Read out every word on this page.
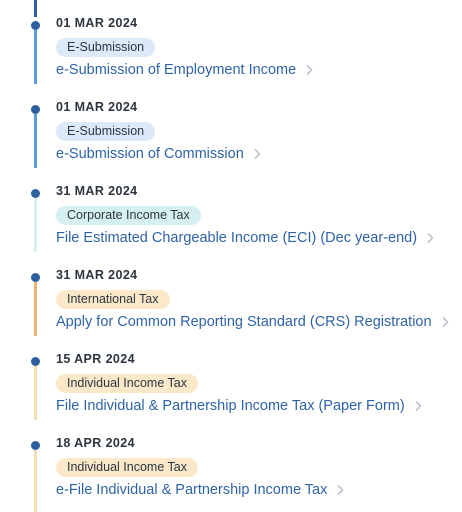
01 MAR 2024
E-Submission
e-Submission of Employment Income
01 MAR 2024
E-Submission
e-Submission of Commission
31 MAR 2024
Corporate Income Tax
File Estimated Chargeable Income (ECI) (Dec year-end)
31 MAR 2024
International Tax
Apply for Common Reporting Standard (CRS) Registration
15 APR 2024
Individual Income Tax
File Individual & Partnership Income Tax (Paper Form)
18 APR 2024
Individual Income Tax
e-File Individual & Partnership Income Tax
